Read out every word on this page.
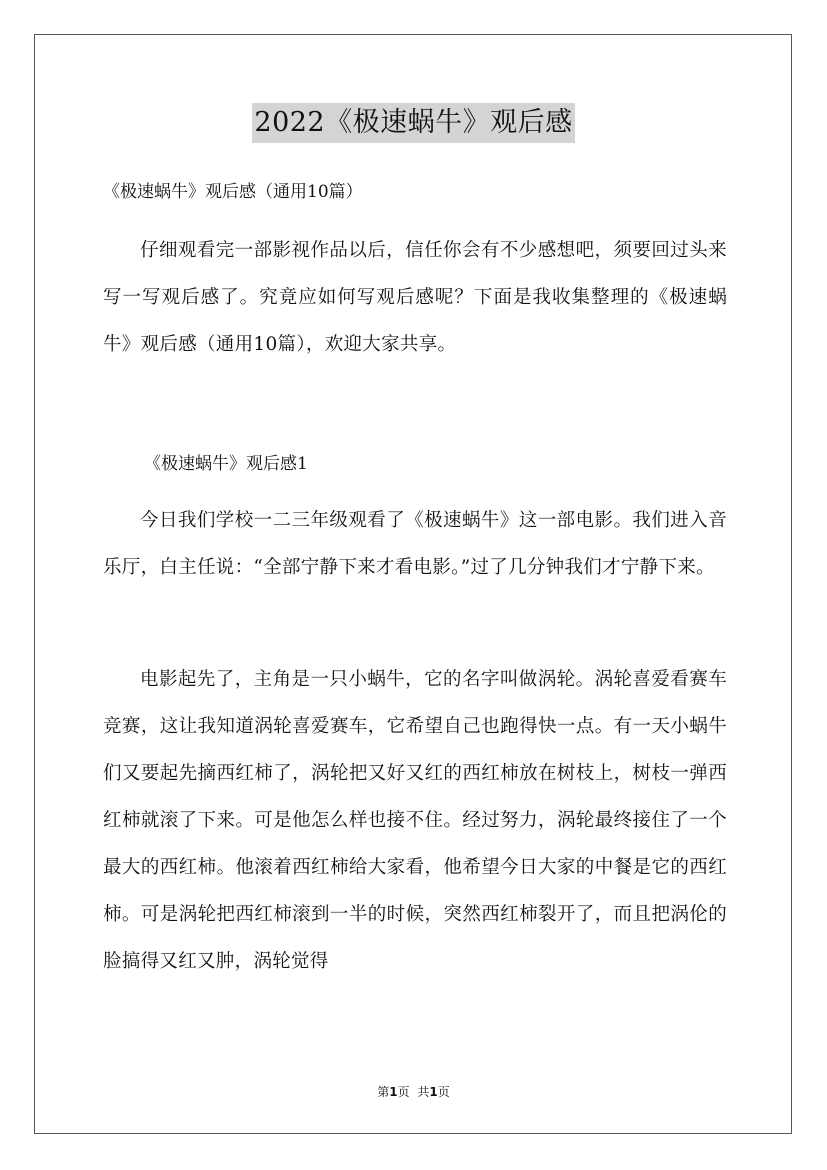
2022《极速蜗牛》观后感
《极速蜗牛》观后感（通用10篇）

仔细观看完一部影视作品以后，信任你会有不少感想吧，须要回过头来写一写观后感了。究竟应如何写观后感呢？下面是我收集整理的《极速蜗牛》观后感（通用10篇），欢迎大家共享。

《极速蜗牛》观后感1

今日我们学校一二三年级观看了《极速蜗牛》这一部电影。我们进入音乐厅，白主任说：“全部宁静下来才看电影。”过了几分钟我们才宁静下来。

电影起先了，主角是一只小蜗牛，它的名字叫做涡轮。涡轮喜爱看赛车竞赛，这让我知道涡轮喜爱赛车，它希望自己也跑得快一点。有一天小蜗牛们又要起先摘西红柿了，涡轮把又好又红的西红柿放在树枝上，树枝一弹西红柿就滚了下来。可是他怎么样也接不住。经过努力，涡轮最终接住了一个最大的西红柿。他滚着西红柿给大家看，他希望今日大家的中餐是它的西红柿。可是涡轮把西红柿滚到一半的时候，突然西红柿裂开了，而且把涡伦的脸搞得又红又肿，涡轮觉得

第1页 共1页
